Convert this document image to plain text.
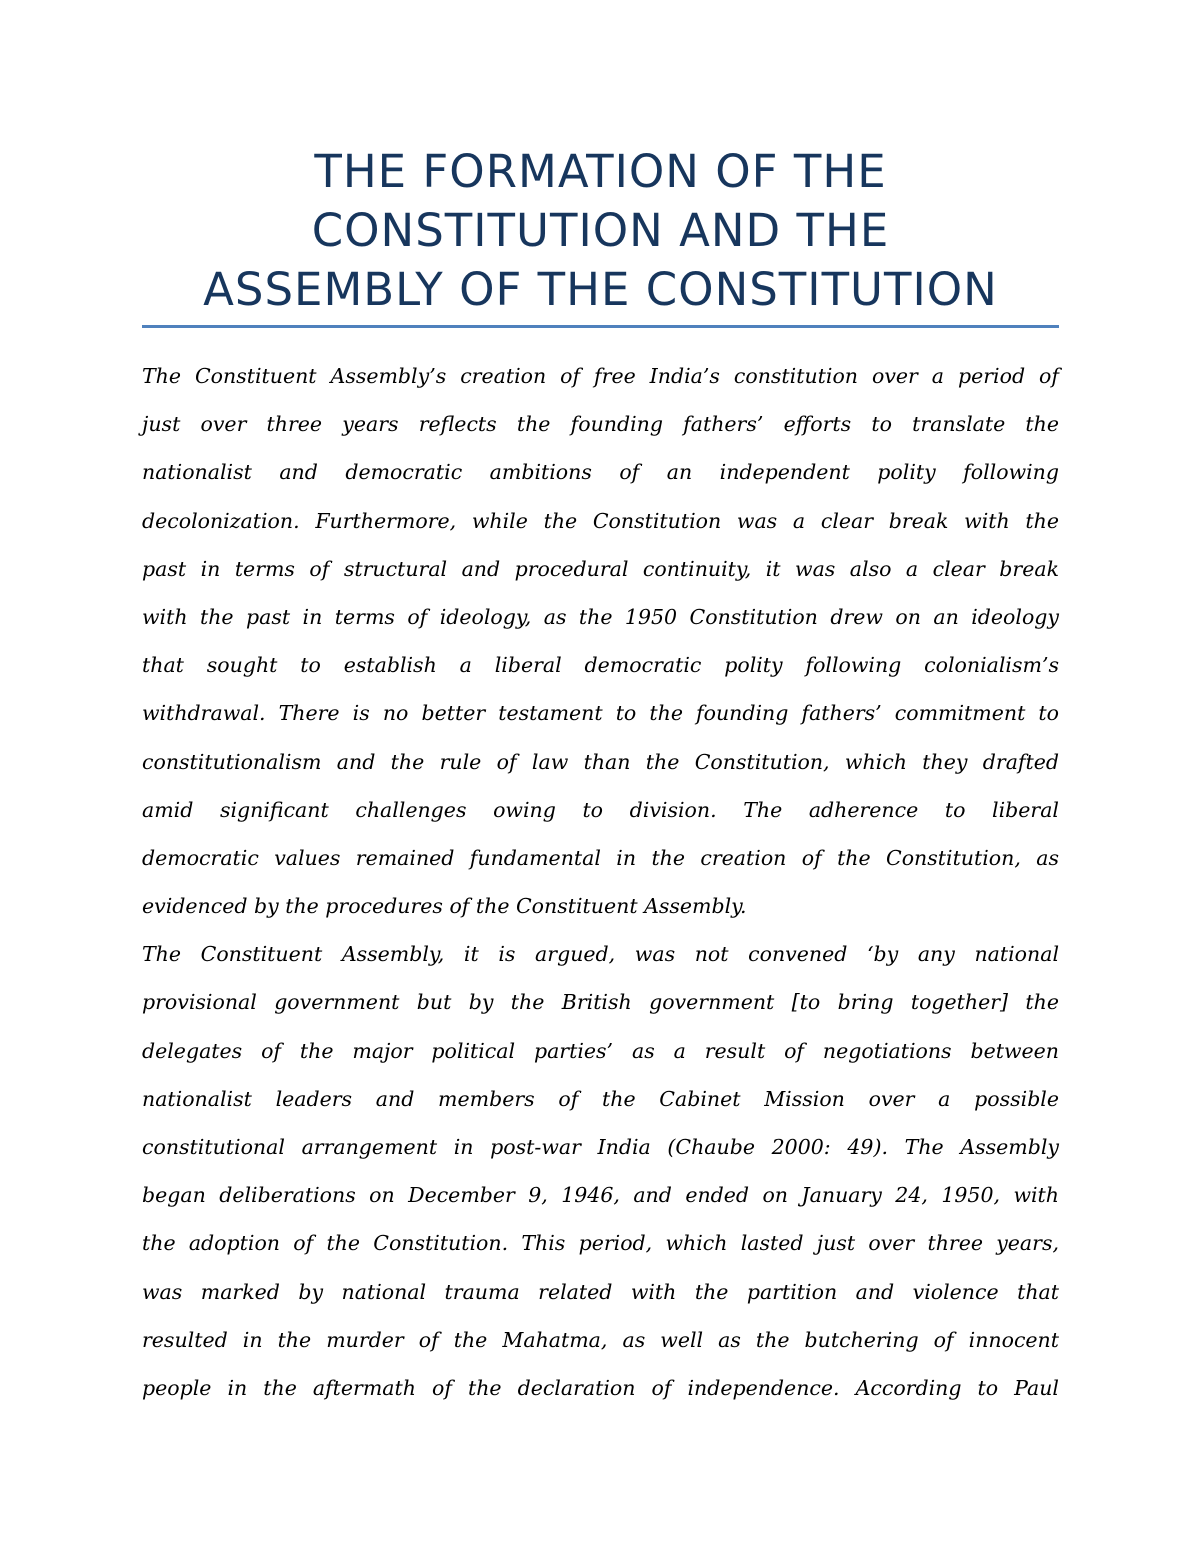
THE FORMATION OF THE
CONSTITUTION AND THE
ASSEMBLY OF THE CONSTITUTION
The Constituent Assembly’s creation of free India’s constitution over a period of
just over three years reflects the founding fathers’ efforts to translate the
nationalist and democratic ambitions of an independent polity following
decolonization. Furthermore, while the Constitution was a clear break with the
past in terms of structural and procedural continuity, it was also a clear break
with the past in terms of ideology, as the 1950 Constitution drew on an ideology
that sought to establish a liberal democratic polity following colonialism’s
withdrawal. There is no better testament to the founding fathers’ commitment to
constitutionalism and the rule of law than the Constitution, which they drafted
amid significant challenges owing to division. The adherence to liberal
democratic values remained fundamental in the creation of the Constitution, as
evidenced by the procedures of the Constituent Assembly.
The Constituent Assembly, it is argued, was not convened ‘by any national
provisional government but by the British government [to bring together] the
delegates of the major political parties’ as a result of negotiations between
nationalist leaders and members of the Cabinet Mission over a possible
constitutional arrangement in post-war India (Chaube 2000: 49). The Assembly
began deliberations on December 9, 1946, and ended on January 24, 1950, with
the adoption of the Constitution. This period, which lasted just over three years,
was marked by national trauma related with the partition and violence that
resulted in the murder of the Mahatma, as well as the butchering of innocent
people in the aftermath of the declaration of independence. According to Paul
